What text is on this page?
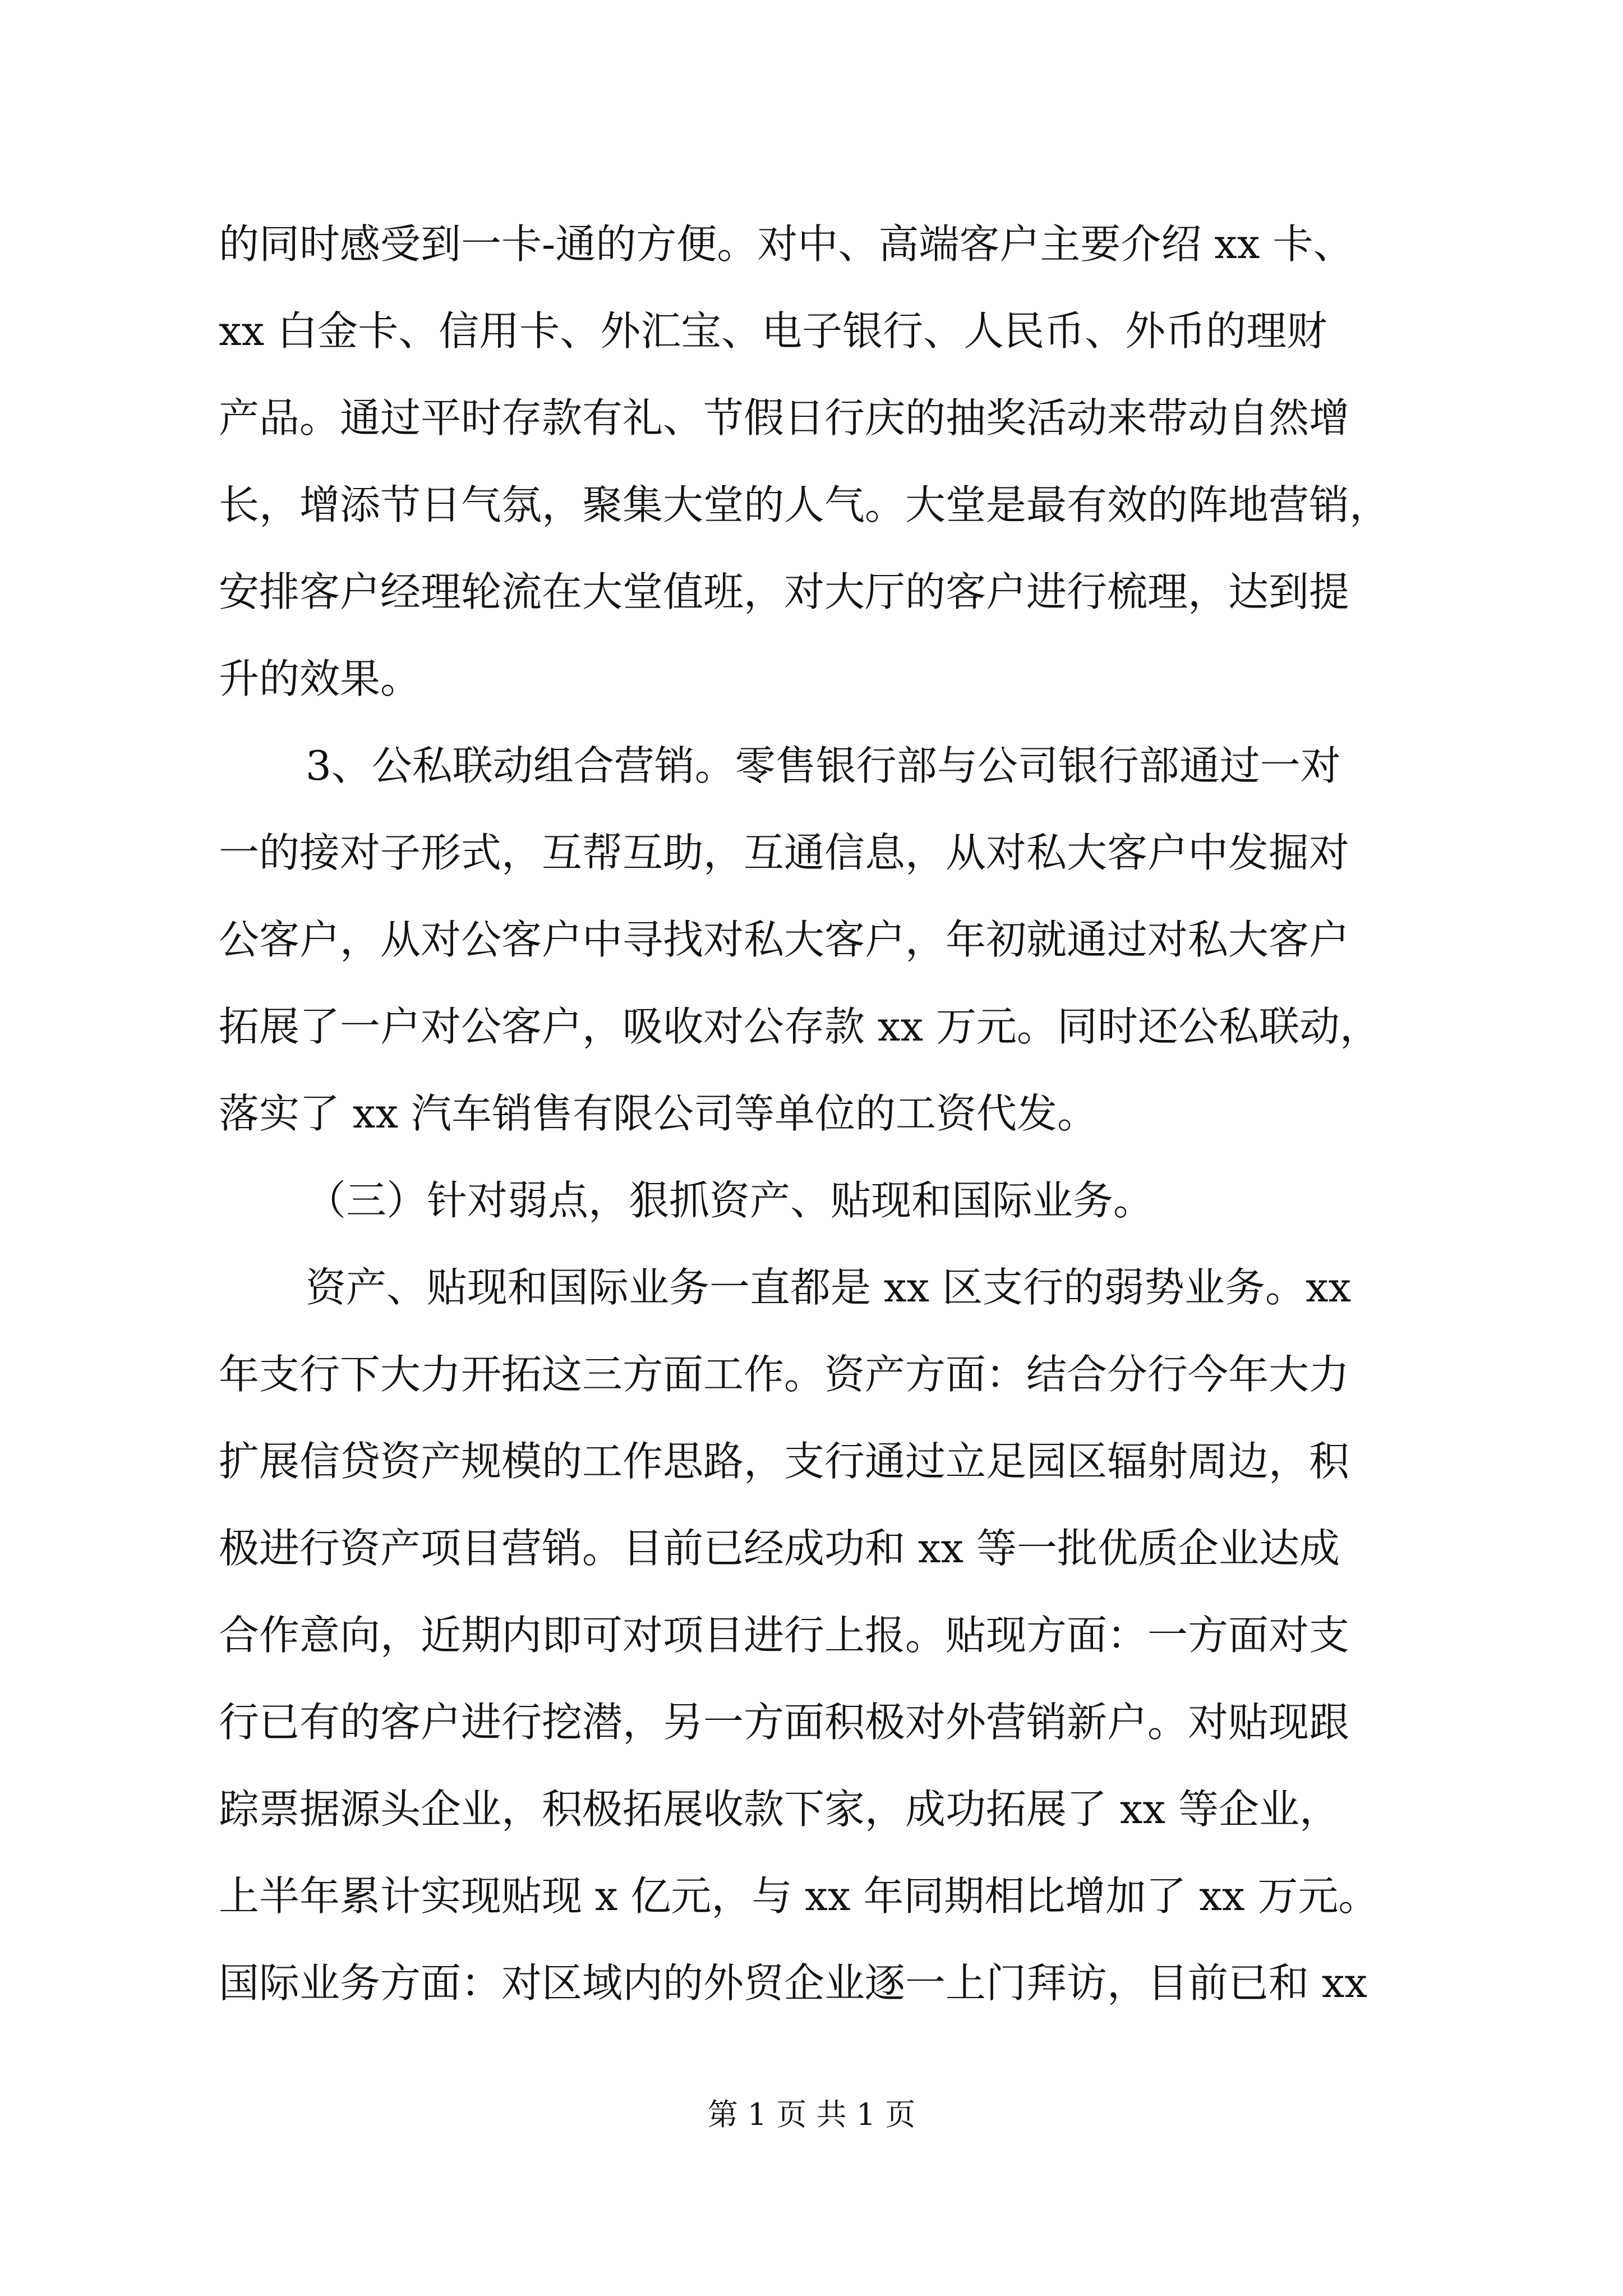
的同时感受到一卡-通的方便。对中、高端客户主要介绍 xx 卡、
xx 白金卡、信用卡、外汇宝、电子银行、人民币、外币的理财
产品。通过平时存款有礼、节假日行庆的抽奖活动来带动自然增
长，增添节日气氛，聚集大堂的人气。大堂是最有效的阵地营销，
安排客户经理轮流在大堂值班，对大厅的客户进行梳理，达到提
升的效果。
3、公私联动组合营销。零售银行部与公司银行部通过一对
一的接对子形式，互帮互助，互通信息，从对私大客户中发掘对
公客户，从对公客户中寻找对私大客户，年初就通过对私大客户
拓展了一户对公客户，吸收对公存款 xx 万元。同时还公私联动，
落实了 xx 汽车销售有限公司等单位的工资代发。
（三）针对弱点，狠抓资产、贴现和国际业务。
资产、贴现和国际业务一直都是 xx 区支行的弱势业务。xx
年支行下大力开拓这三方面工作。资产方面：结合分行今年大力
扩展信贷资产规模的工作思路，支行通过立足园区辐射周边，积
极进行资产项目营销。目前已经成功和 xx 等一批优质企业达成
合作意向，近期内即可对项目进行上报。贴现方面：一方面对支
行已有的客户进行挖潜，另一方面积极对外营销新户。对贴现跟
踪票据源头企业，积极拓展收款下家，成功拓展了 xx 等企业，
上半年累计实现贴现 x 亿元，与 xx 年同期相比增加了 xx 万元。
国际业务方面：对区域内的外贸企业逐一上门拜访，目前已和 xx
第 1 页 共 1 页
